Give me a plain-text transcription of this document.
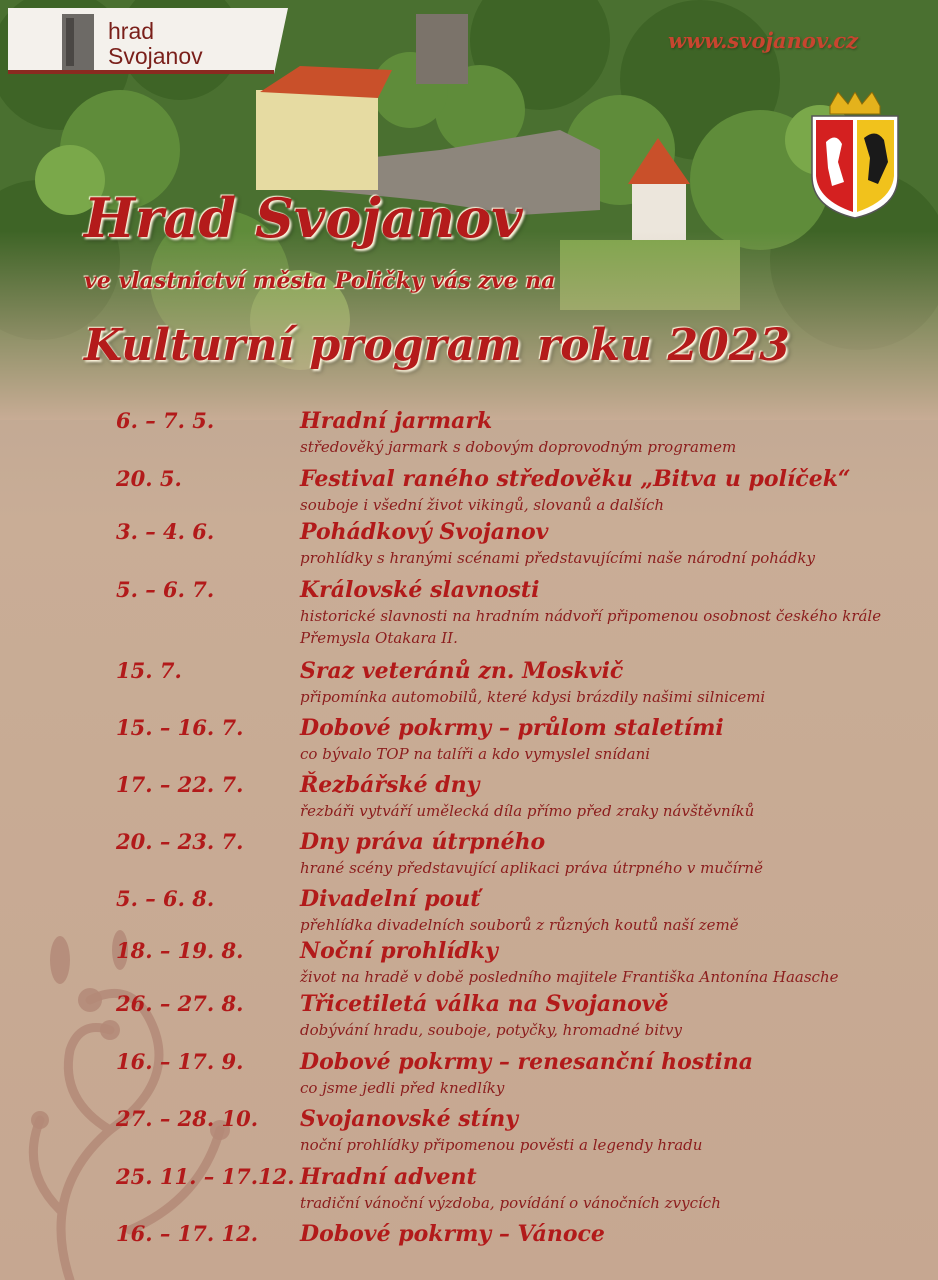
hrad
Svojanov
www.svojanov.cz
Hrad Svojanov
ve vlastnictví města Poličky vás zve na
Kulturní program roku 2023
6. – 7. 5.	Hradní jarmark
středověký jarmark s dobovým doprovodným programem
20. 5.	Festival raného středověku „Bitva u políček“
souboje i všední život vikingů, slovanů a dalších
3. – 4. 6.	Pohádkový Svojanov
prohlídky s hranými scénami představujícími naše národní pohádky
5. – 6. 7.	Královské slavnosti
historické slavnosti na hradním nádvoří připomenou osobnost českého krále Přemysla Otakara II.
15. 7.	Sraz veteránů zn. Moskvič
připomínka automobilů, které kdysi brázdily našimi silnicemi
15. – 16. 7.	Dobové pokrmy – průlom staletími
co bývalo TOP na talíři a kdo vymyslel snídani
17. – 22. 7.	Řezbářské dny
řezbáři vytváří umělecká díla přímo před zraky návštěvníků
20. – 23. 7.	Dny práva útrpného
hrané scény představující aplikaci práva útrpného v mučírně
5. – 6. 8.	Divadelní pouť
přehlídka divadelních souborů z různých koutů naší země
18. – 19. 8.	Noční prohlídky
život na hradě v době posledního majitele Františka Antonína Haasche
26. – 27. 8.	Třicetiletá válka na Svojanově
dobývání hradu, souboje, potyčky, hromadné bitvy
16. – 17. 9.	Dobové pokrmy – renesanční hostina
co jsme jedli před knedlíky
27. – 28. 10. Svojanovské stíny
noční prohlídky připomenou pověsti a legendy hradu
25. 11. – 17.12. Hradní advent
tradiční vánoční výzdoba, povídání o vánočních zvycích
16. – 17. 12. Dobové pokrmy – Vánoce
